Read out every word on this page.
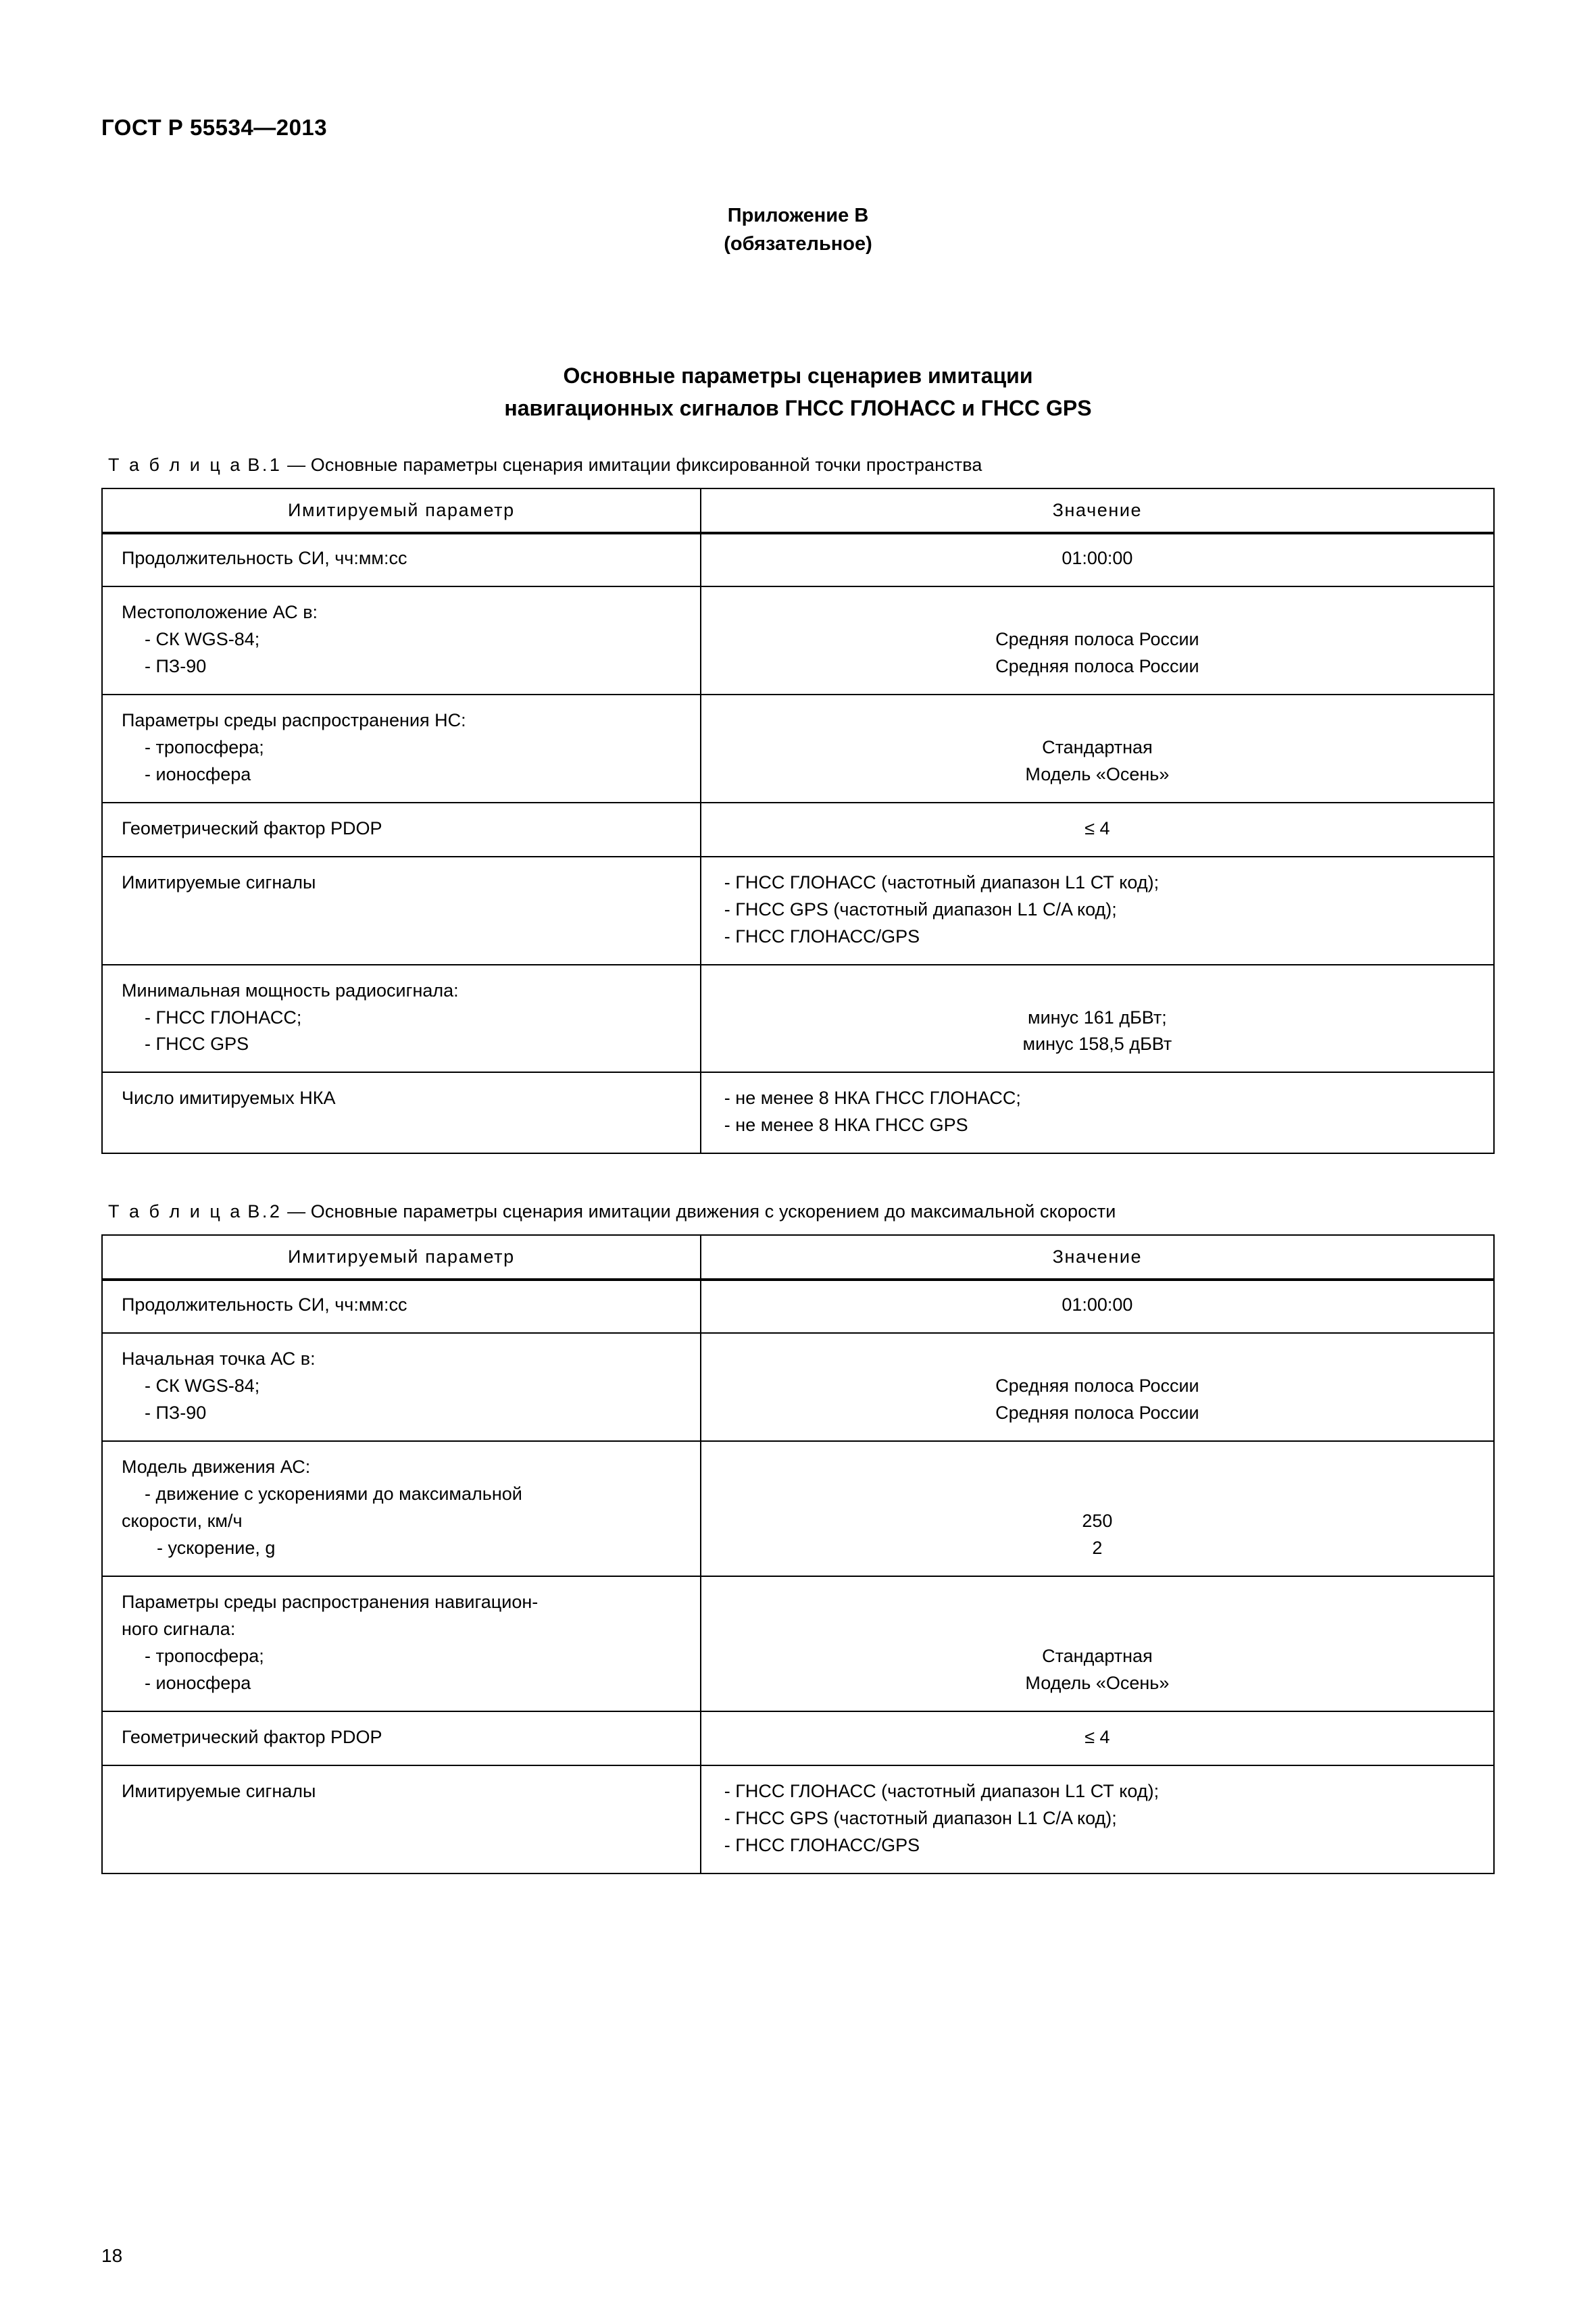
ГОСТ Р 55534—2013
Приложение В
(обязательное)
Основные параметры сценариев имитации
навигационных сигналов ГНСС ГЛОНАСС и ГНСС GPS
Т а б л и ц а В.1 — Основные параметры сценария имитации фиксированной точки пространства
Имитируемый параметр	Значение

Продолжительность СИ, чч:мм:сс	01:00:00

Местоположение АС в:
- СК WGS-84;
- ПЗ-90	Средняя полоса России
Средняя полоса России

Параметры среды распространения НС:
- тропосфера;
- ионосфера	Стандартная
Модель «Осень»

Геометрический фактор PDOP	≤ 4

Имитируемые сигналы	- ГНСС ГЛОНАСС (частотный диапазон L1 СТ код);
- ГНСС GPS (частотный диапазон L1 C/A код);
- ГНСС ГЛОНАСС/GPS

Минимальная мощность радиосигнала:
- ГНСС ГЛОНАСС;
- ГНСС GPS	минус 161 дБВт;
минус 158,5 дБВт

Число имитируемых НКА	- не менее 8 НКА ГНСС ГЛОНАСС;
- не менее 8 НКА ГНСС GPS
Т а б л и ц а В.2 — Основные параметры сценария имитации движения с ускорением до максимальной скорости
Имитируемый параметр	Значение

Продолжительность СИ, чч:мм:сс	01:00:00

Начальная точка АС в:
- СК WGS-84;
- ПЗ-90	Средняя полоса России
Средняя полоса России

Модель движения АС:
- движение с ускорениями до максимальной
скорости, км/ч
- ускорение, g	250
2

Параметры среды распространения навигацион-
ного сигнала:
- тропосфера;
- ионосфера	Стандартная
Модель «Осень»

Геометрический фактор PDOP	≤ 4

Имитируемые сигналы	- ГНСС ГЛОНАСС (частотный диапазон L1 СТ код);
- ГНСС GPS (частотный диапазон L1 C/A код);
- ГНСС ГЛОНАСС/GPS
18
